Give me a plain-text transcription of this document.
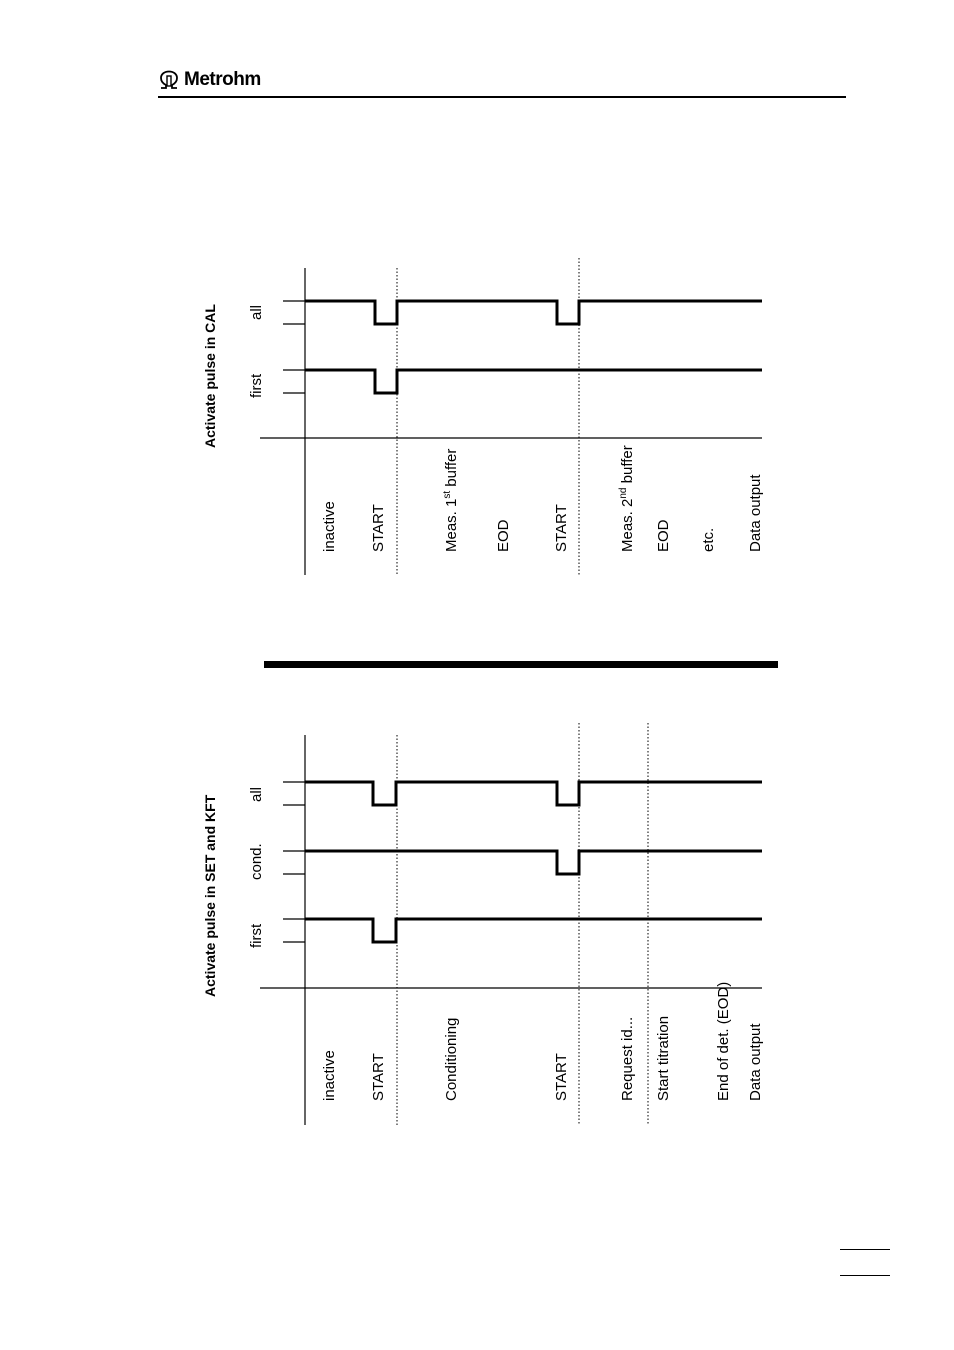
Metrohm
Activate pulse in CAL first
all
inactive START	Meas. 1st buffer
EOD	START	Meas. 2nd buffer
EOD etc. Data output
Activate pulse in SET and KFT first
cond.
all
inactive START	Conditioning	START	Request id... Start titration	End of det. (EOD) Data output
